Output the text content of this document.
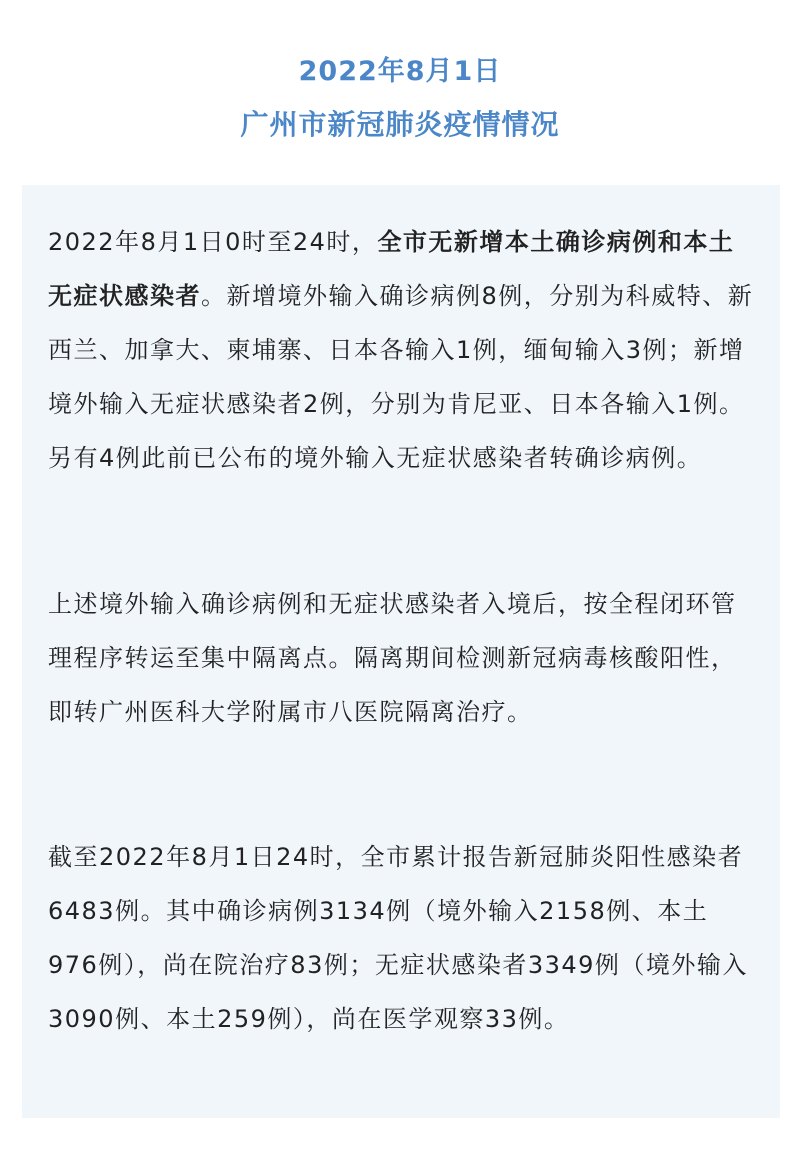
2022年8月1日
广州市新冠肺炎疫情情况

2022年8月1日0时至24时，全市无新增本土确诊病例和本土无症状感染者。新增境外输入确诊病例8例，分别为科威特、新西兰、加拿大、柬埔寨、日本各输入1例，缅甸输入3例；新增境外输入无症状感染者2例，分别为肯尼亚、日本各输入1例。另有4例此前已公布的境外输入无症状感染者转确诊病例。

上述境外输入确诊病例和无症状感染者入境后，按全程闭环管理程序转运至集中隔离点。隔离期间检测新冠病毒核酸阳性，即转广州医科大学附属市八医院隔离治疗。

截至2022年8月1日24时，全市累计报告新冠肺炎阳性感染者6483例。其中确诊病例3134例（境外输入2158例、本土976例），尚在院治疗83例；无症状感染者3349例（境外输入3090例、本土259例），尚在医学观察33例。
